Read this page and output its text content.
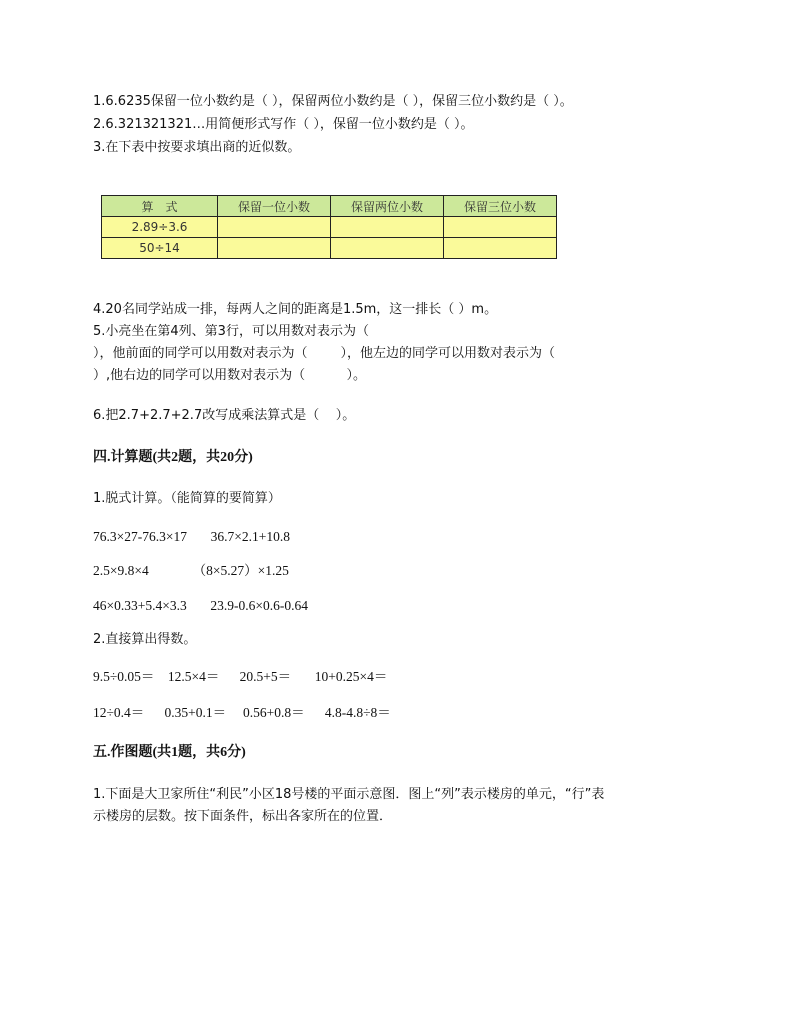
1.6.6235保留一位小数约是（ ），保留两位小数约是（ ），保留三位小数约是（ ）。
2.6.321321321…用简便形式写作（ ），保留一位小数约是（ ）。
3.在下表中按要求填出商的近似数。
算　式	保留一位小数	保留两位小数	保留三位小数
2.89÷3.6			
50÷14			
4.20名同学站成一排，每两人之间的距离是1.5m，这一排长（ ）m。
5.小亮坐在第4列、第3行，可以用数对表示为（
），他前面的同学可以用数对表示为（        ），他左边的同学可以用数对表示为（
）,他右边的同学可以用数对表示为（          ）。
6.把2.7+2.7+2.7改写成乘法算式是（    ）。
四.计算题(共2题，共20分)
1.脱式计算。（能简算的要简算）
76.3×27-76.3×17       36.7×2.1+10.8
2.5×9.8×4             （8×5.27）×1.25
46×0.33+5.4×3.3       23.9-0.6×0.6-0.64
2.直接算出得数。
9.5÷0.05＝    12.5×4＝      20.5+5＝       10+0.25×4＝
12÷0.4＝      0.35+0.1＝     0.56+0.8＝      4.8-4.8÷8＝
五.作图题(共1题，共6分)
1.下面是大卫家所住“利民”小区18号楼的平面示意图．图上“列”表示楼房的单元，“行”表
示楼房的层数。按下面条件，标出各家所在的位置．
